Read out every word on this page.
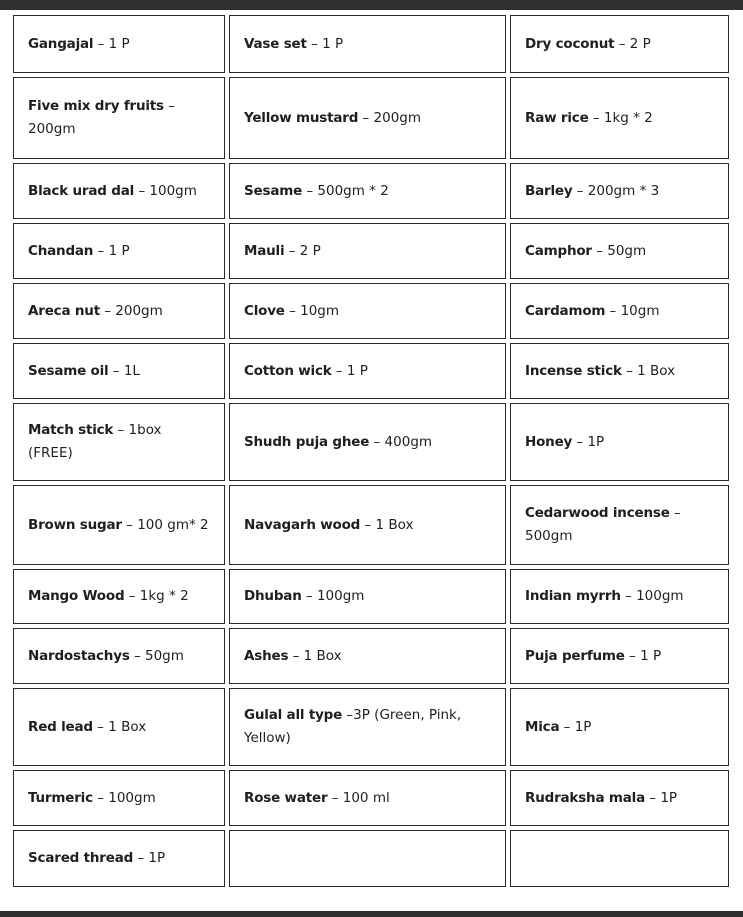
Gangajal – 1 P	Vase set – 1 P	Dry coconut – 2 P
Five mix dry fruits – 200gm	Yellow mustard – 200gm	Raw rice – 1kg * 2
Black urad dal – 100gm	Sesame – 500gm * 2	Barley – 200gm * 3
Chandan – 1 P	Mauli – 2 P	Camphor – 50gm
Areca nut – 200gm	Clove – 10gm	Cardamom – 10gm
Sesame oil – 1L	Cotton wick – 1 P	Incense stick – 1 Box
Match stick – 1box (FREE)	Shudh puja ghee – 400gm	Honey – 1P
Brown sugar – 100 gm* 2	Navagarh wood – 1 Box	Cedarwood incense – 500gm
Mango Wood – 1kg * 2	Dhuban – 100gm	Indian myrrh – 100gm
Nardostachys – 50gm	Ashes – 1 Box	Puja perfume – 1 P
Red lead – 1 Box	Gulal all type –3P (Green, Pink, Yellow)	Mica – 1P
Turmeric – 100gm	Rose water – 100 ml	Rudraksha mala – 1P
Scared thread – 1P		
